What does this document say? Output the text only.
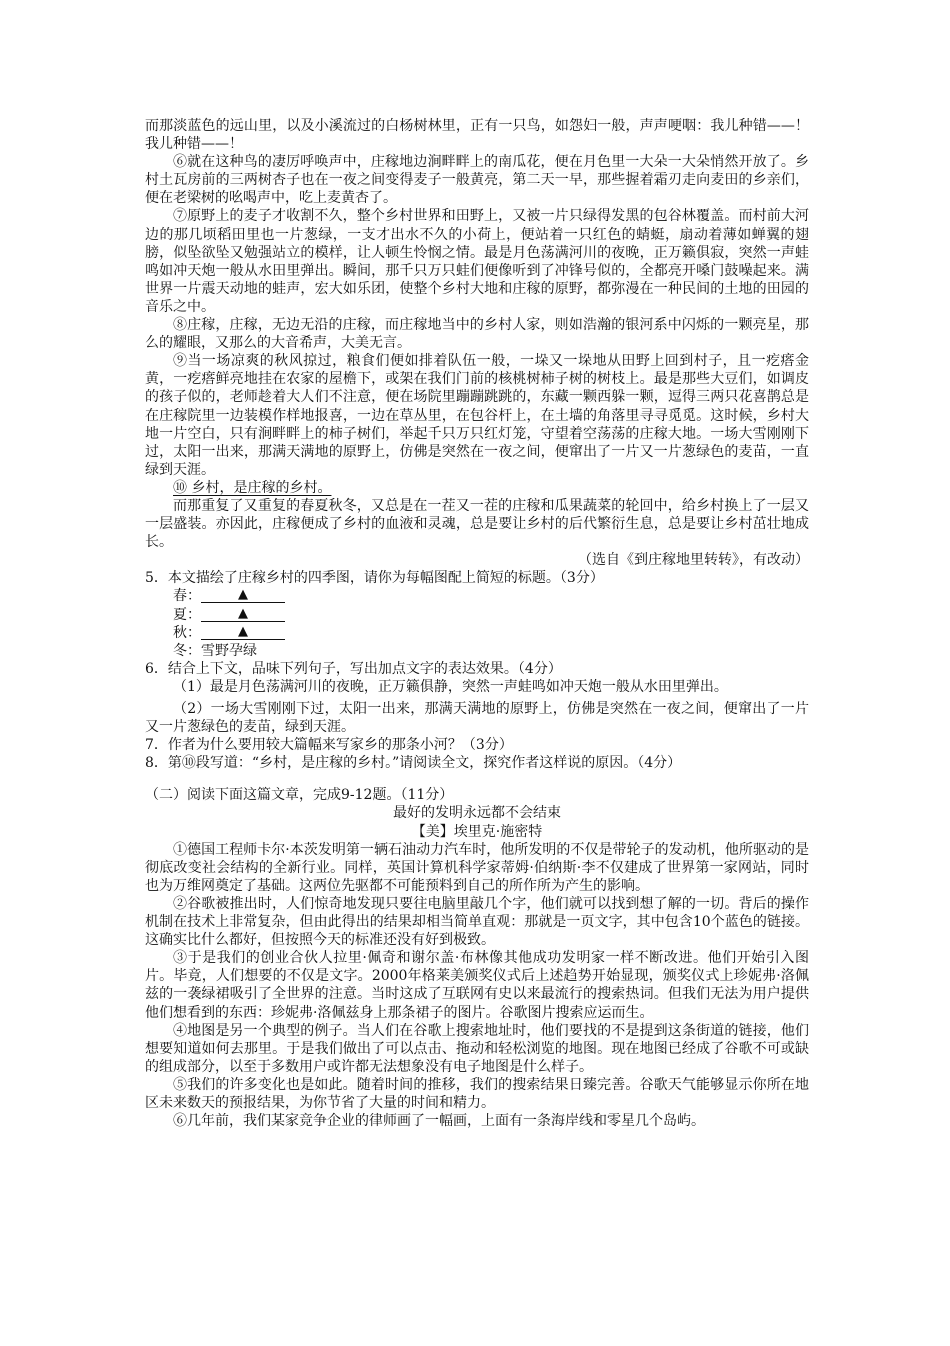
而那淡蓝色的远山里，以及小溪流过的白杨树林里，正有一只鸟，如怨妇一般，声声哽咽：我儿种错——！我儿种错——！

⑥就在这种鸟的凄厉呼唤声中，庄稼地边涧畔畔上的南瓜花，便在月色里一大朵一大朵悄然开放了。乡村土瓦房前的三两树杏子也在一夜之间变得麦子一般黄亮，第二天一早，那些握着霜刃走向麦田的乡亲们，便在老梁树的吆喝声中，吃上麦黄杏了。

⑦原野上的麦子才收割不久，整个乡村世界和田野上，又被一片只绿得发黑的包谷林覆盖。而村前大河边的那几顷稻田里也一片葱绿，一支才出水不久的小荷上，便站着一只红色的蜻蜓，扇动着薄如蝉翼的翅膀，似坠欲坠又勉强站立的模样，让人顿生怜悯之情。最是月色荡满河川的夜晚，正万籁俱寂，突然一声蛙鸣如冲天炮一般从水田里弹出。瞬间，那千只万只蛙们便像听到了冲锋号似的，全都亮开嗓门鼓噪起来。满世界一片震天动地的蛙声，宏大如乐团，使整个乡村大地和庄稼的原野，都弥漫在一种民间的土地的田园的音乐之中。

⑧庄稼，庄稼，无边无沿的庄稼，而庄稼地当中的乡村人家，则如浩瀚的银河系中闪烁的一颗亮星，那么的耀眼，又那么的大音希声，大美无言。

⑨当一场凉爽的秋风掠过，粮食们便如排着队伍一般，一垛又一垛地从田野上回到村子，且一疙瘩金黄，一疙瘩鲜亮地挂在农家的屋檐下，或架在我们门前的核桃树柿子树的树枝上。最是那些大豆们，如调皮的孩子似的，老师趁着大人们不注意，便在场院里蹦蹦跳跳的，东藏一颗西躲一颗，逗得三两只花喜鹊总是在庄稼院里一边装模作样地报喜，一边在草丛里，在包谷杆上，在土墙的角落里寻寻觅觅。这时候，乡村大地一片空白，只有涧畔畔上的柿子树们，举起千只万只红灯笼，守望着空荡荡的庄稼大地。一场大雪刚刚下过，太阳一出来，那满天满地的原野上，仿佛是突然在一夜之间，便窜出了一片又一片葱绿色的麦苗，一直绿到天涯。

⑩ 乡村，是庄稼的乡村。

而那重复了又重复的春夏秋冬，又总是在一茬又一茬的庄稼和瓜果蔬菜的轮回中，给乡村换上了一层又一层盛装。亦因此，庄稼便成了乡村的血液和灵魂，总是要让乡村的后代繁衍生息，总是要让乡村茁壮地成长。

（选自《到庄稼地里转转》，有改动）

5．本文描绘了庄稼乡村的四季图，请你为每幅图配上简短的标题。（3分）

春：	▲

夏：	▲

秋：	▲

冬：雪野孕绿

6．结合上下文，品味下列句子，写出加点文字的表达效果。（4分）

（1）最是月色荡满河川的夜晚，正万籁俱静，突然一声蛙鸣如冲天炮一般从水田里弹出。

（2）一场大雪刚刚下过，太阳一出来，那满天满地的原野上，仿佛是突然在一夜之间，便窜出了一片又一片葱绿色的麦苗，绿到天涯。

7．作者为什么要用较大篇幅来写家乡的那条小河？（3分）

8．第⑩段写道：“乡村，是庄稼的乡村。”请阅读全文，探究作者这样说的原因。（4分）

（二）阅读下面这篇文章，完成9-12题。（11分）

最好的发明永远都不会结束

【美】埃里克·施密特

①德国工程师卡尔·本茨发明第一辆石油动力汽车时，他所发明的不仅是带轮子的发动机，他所驱动的是彻底改变社会结构的全新行业。同样，英国计算机科学家蒂姆·伯纳斯·李不仅建成了世界第一家网站，同时也为万维网奠定了基础。这两位先驱都不可能预料到自己的所作所为产生的影响。

②谷歌被推出时，人们惊奇地发现只要往电脑里敲几个字，他们就可以找到想了解的一切。背后的操作机制在技术上非常复杂，但由此得出的结果却相当简单直观：那就是一页文字，其中包含10个蓝色的链接。这确实比什么都好，但按照今天的标准还没有好到极致。

③于是我们的创业合伙人拉里·佩奇和谢尔盖·布林像其他成功发明家一样不断改进。他们开始引入图片。毕竟，人们想要的不仅是文字。2000年格莱美颁奖仪式后上述趋势开始显现，颁奖仪式上珍妮弗·洛佩兹的一袭绿裙吸引了全世界的注意。当时这成了互联网有史以来最流行的搜索热词。但我们无法为用户提供他们想看到的东西：珍妮弗·洛佩兹身上那条裙子的图片。谷歌图片搜索应运而生。

④地图是另一个典型的例子。当人们在谷歌上搜索地址时，他们要找的不是提到这条街道的链接，他们想要知道如何去那里。于是我们做出了可以点击、拖动和轻松浏览的地图。现在地图已经成了谷歌不可或缺的组成部分，以至于多数用户或许都无法想象没有电子地图是什么样子。

⑤我们的许多变化也是如此。随着时间的推移，我们的搜索结果日臻完善。谷歌天气能够显示你所在地区未来数天的预报结果，为你节省了大量的时间和精力。

⑥几年前，我们某家竞争企业的律师画了一幅画，上面有一条海岸线和零星几个岛屿。
